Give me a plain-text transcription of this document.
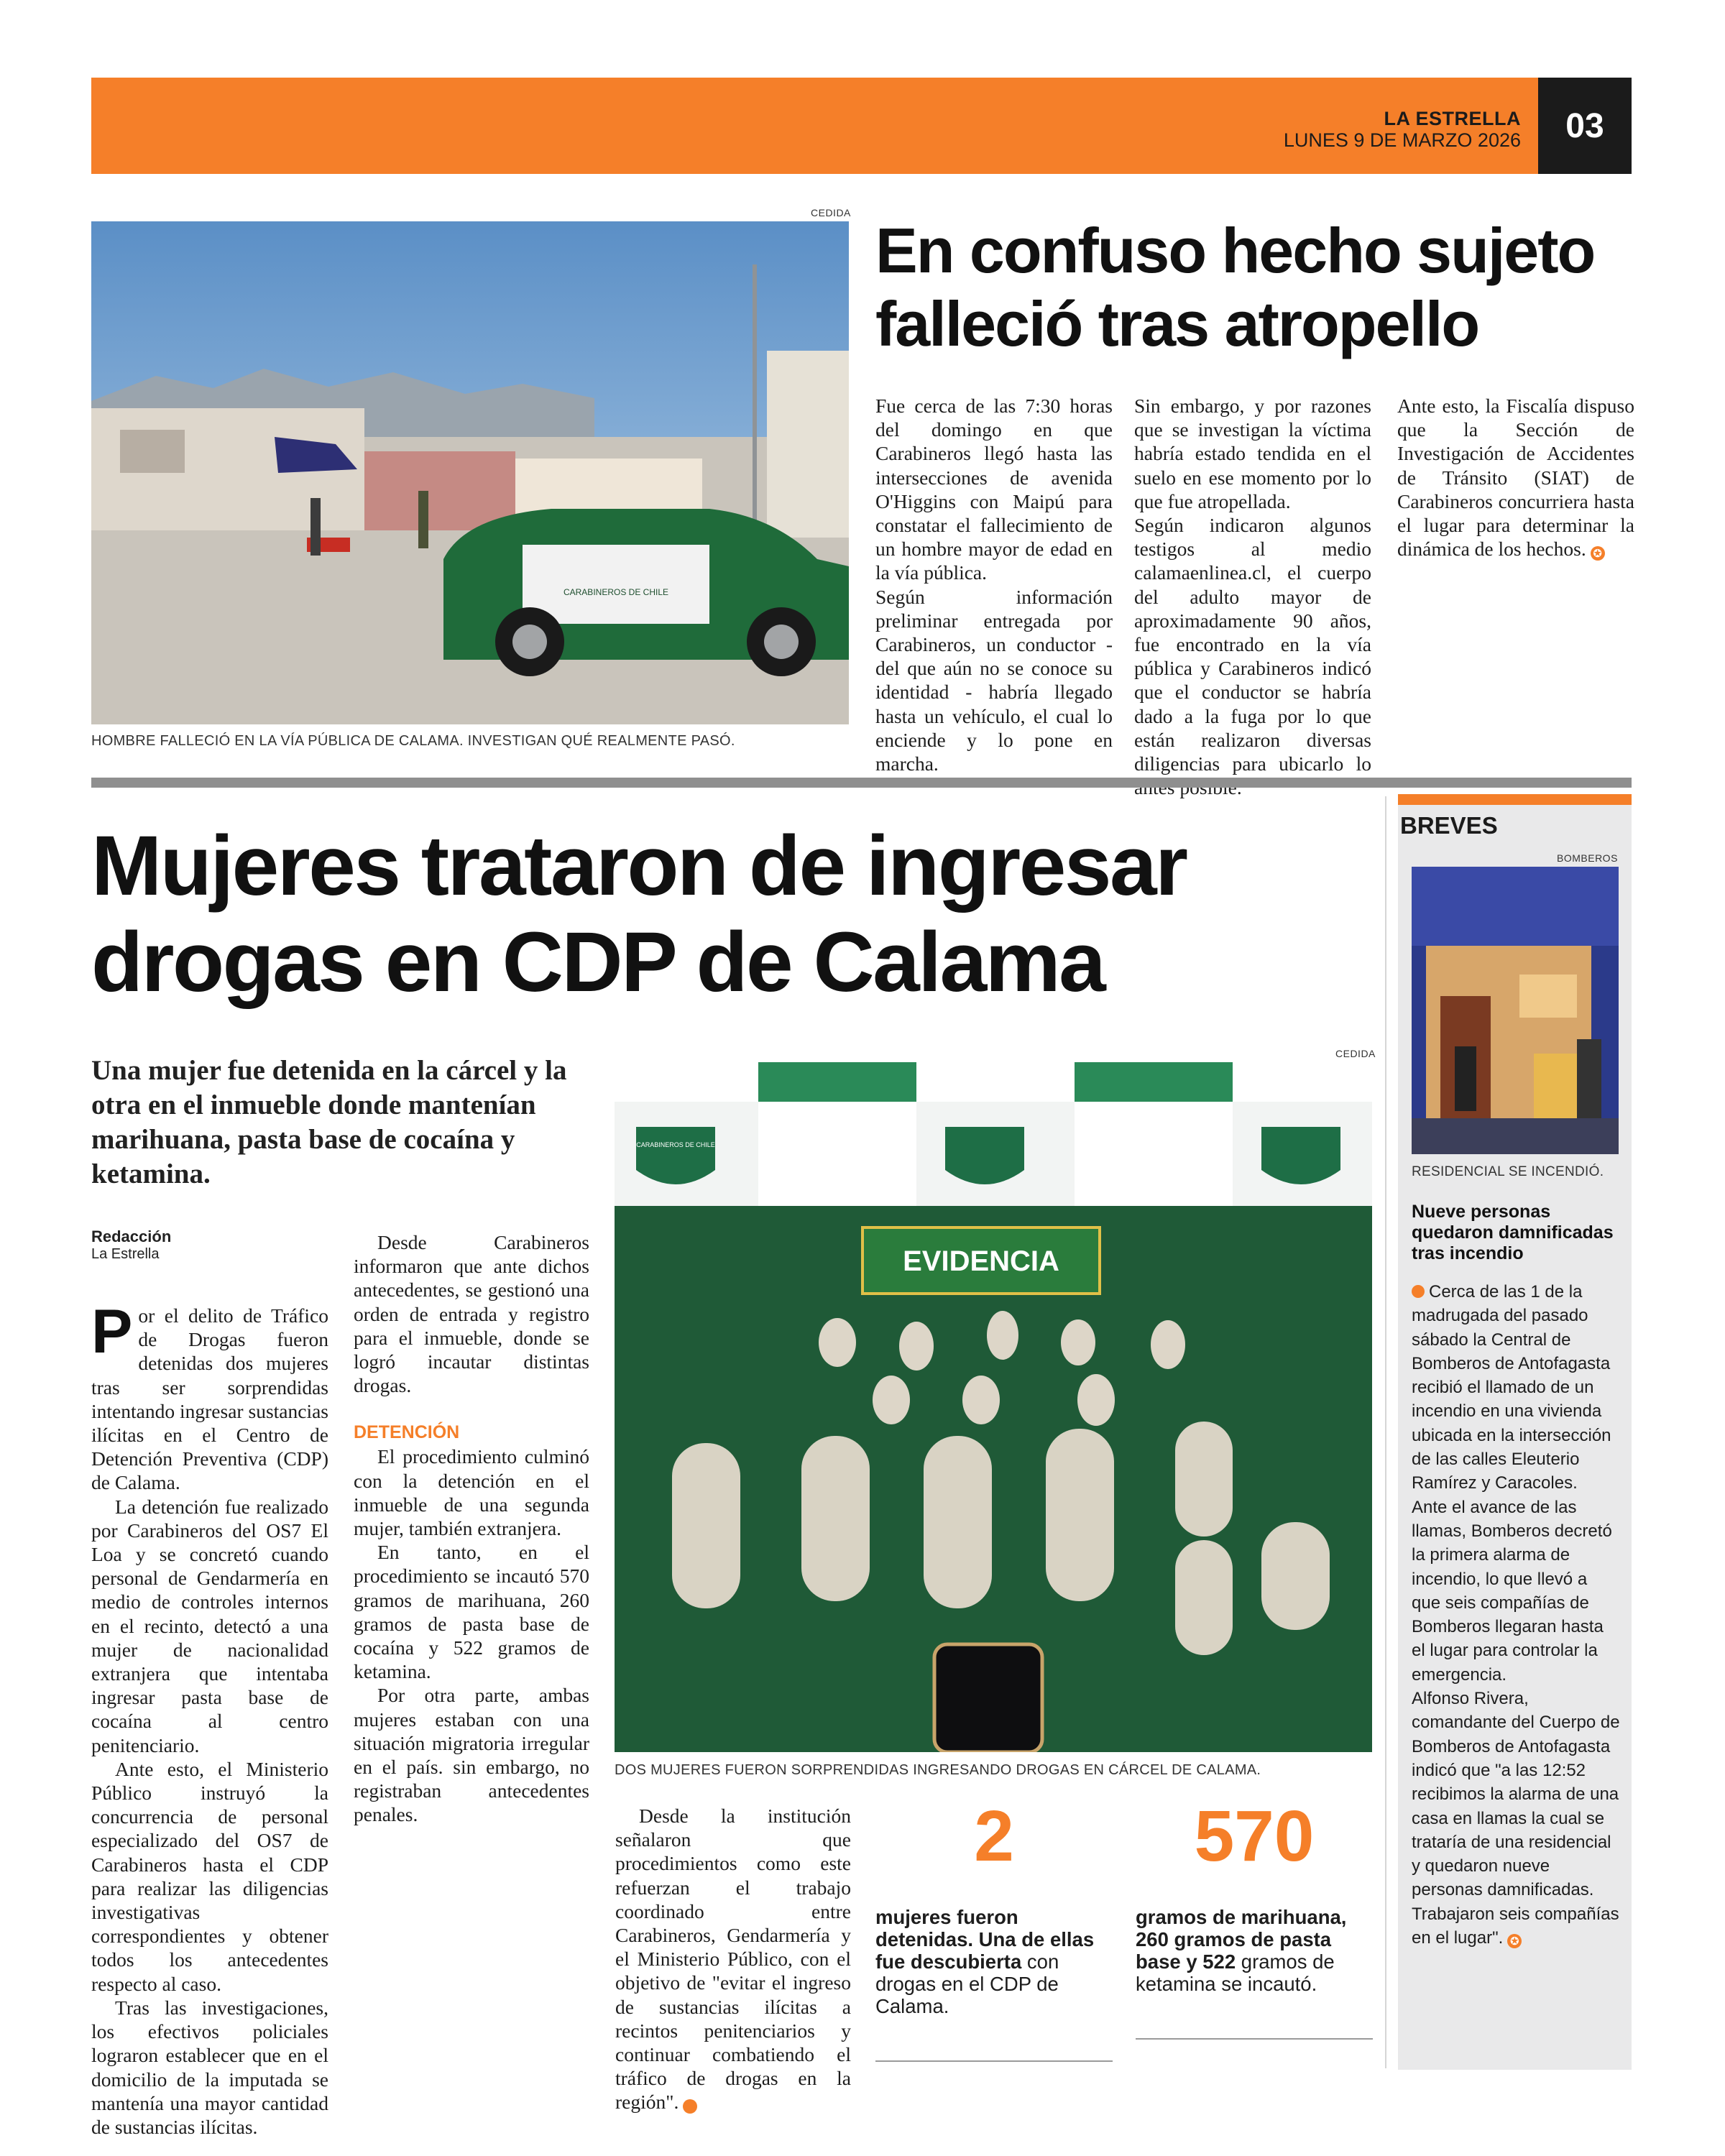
LA ESTRELLA
LUNES 9 DE MARZO 2026	03
CEDIDA
CARABINEROS DE CHILE
HOMBRE FALLECIÓ EN LA VÍA PÚBLICA DE CALAMA. INVESTIGAN QUÉ REALMENTE PASÓ.
En confuso hecho sujeto
falleció tras atropello

Fue cerca de las 7:30 horas del domingo en que Carabineros llegó hasta las intersecciones de avenida O'Higgins con Maipú para constatar el fallecimiento de un hombre mayor de edad en la vía pública.

Según información preliminar entregada por Carabineros, un conductor - del que aún no se conoce su identidad - habría llegado hasta un vehículo, el cual lo enciende y lo pone en marcha.

Sin embargo, y por razones que se investigan la víctima habría estado tendida en el suelo en ese momento por lo que fue atropellada.

Según indicaron algunos testigos al medio calamaenlinea.cl, el cuerpo del adulto mayor de aproximadamente 90 años, fue encontrado en la vía pública y Carabineros indicó que el conductor se habría dado a la fuga por lo que están realizaron diversas diligencias para ubicarlo lo

Ante esto, la Fiscalía dispuso que la Sección de Investigación de Accidentes de Tránsito (SIAT) de Carabineros concurriera hasta el lugar para determinar la dinámica de los hechos. ✪

Mujeres trataron de ingresar
drogas en CDP de Calama
Una mujer fue detenida en la cárcel y la otra en el inmueble donde mantenían marihuana, pasta base de cocaína y ketamina.
Redacción
La Estrella

Por el delito de Tráfico de Drogas fueron detenidas dos mujeres tras ser sorprendidas intentando ingresar sustancias ilícitas en el Centro de Detención Preventiva (CDP) de Calama.

La detención fue realizado por Carabineros del OS7 El Loa y se concretó cuando personal de Gendarmería en medio de controles internos en el recinto, detectó a una mujer de nacionalidad extranjera que intentaba ingresar pasta base de cocaína al centro penitenciario.

Ante esto, el Ministerio Público instruyó la concurrencia de personal especializado del OS7 de Carabineros hasta el CDP para realizar las diligencias investigativas correspondientes y obtener todos los antecedentes respecto al caso.

Tras las investigaciones, los efectivos policiales lograron establecer que en el domicilio de la imputada se mantenía una mayor cantidad de sustancias ilícitas.

Desde Carabineros informaron que ante dichos antecedentes, se gestionó una orden de entrada y registro para el inmueble, donde se logró incautar distintas drogas.

DETENCIÓN

El procedimiento culminó con la detención en el inmueble de una segunda mujer, también extranjera.

En tanto, en el procedimiento se incautó 570 gramos de marihuana, 260 gramos de pasta base de cocaína y 522 gramos de ketamina.

Por otra parte, ambas mujeres estaban con una situación migratoria irregular en el país. sin embargo, no registraban antecedentes penales.	Desde la institución señalaron que procedimientos como este refuerzan el trabajo coordinado entre Carabineros, Gendarmería y el Ministerio Público, con el objetivo de "evitar el ingreso de sustancias ilícitas a recintos penitenciarios y continuar combatiendo el tráfico de drogas en la región".	✪

CEDIDA
CARABINEROS DE CHILE
ORDEN
Y PATRIA
ORDEN
Y PATRIA
EVIDENCIA
DOS MUJERES FUERON SORPRENDIDAS INGRESANDO DROGAS EN CÁRCEL DE CALAMA.
2
mujeres fueron detenidas. Una de ellas fue descubierta con drogas en el CDP de Calama.
570
gramos de marihuana, 260 gramos de pasta base y 522 gramos de ketamina se incautó.
BREVES
BOMBEROS
RESIDENCIAL SE INCENDIÓ.
Nueve personas quedaron damnificadas tras incendio
Cerca de las 1 de la madrugada del pasado sábado la Central de Bomberos de Antofagasta recibió el llamado de un incendio en una vivienda ubicada en la intersección de las calles Eleuterio Ramírez y Caracoles.
Ante el avance de las llamas, Bomberos decretó la primera alarma de incendio, lo que llevó a que seis compañías de Bomberos llegaran hasta el lugar para controlar la emergencia.
Alfonso Rivera, comandante del Cuerpo de Bomberos de Antofagasta indicó que "a las 12:52 recibimos la alarma de una casa en llamas la cual se trataría de una residencial y quedaron nueve personas damnificadas. Trabajaron seis compañías en el lugar". ✪
